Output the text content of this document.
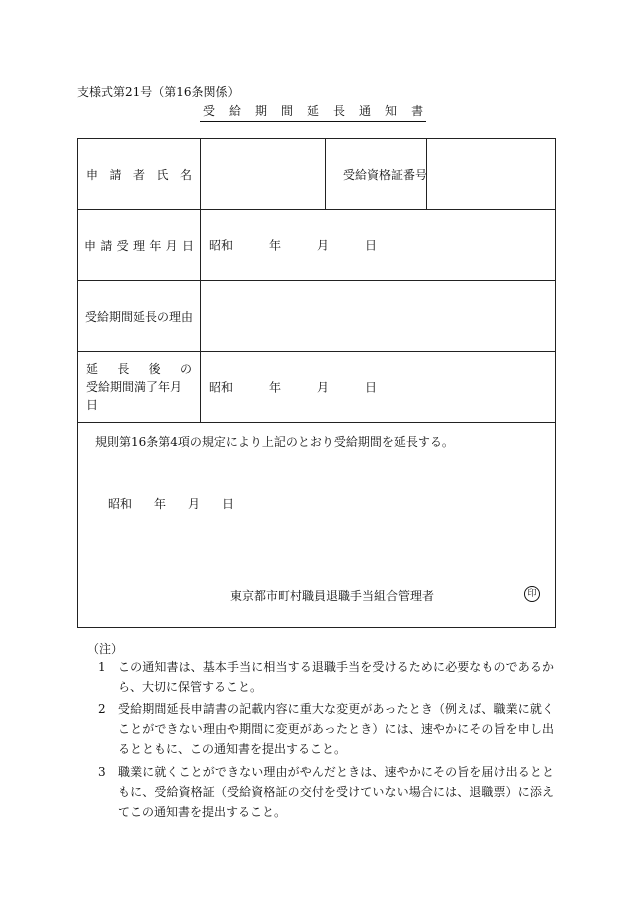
支様式第21号（第16条関係）
受 給 期 間 延 長 通 知 書
申 請 者 氏 名	受給資格証番号
申 請 受 理 年 月 日 昭和	年	月	日
受給期間延長の理由
延 長 後 の
受給期間満了年月日
昭和	年	月	日
規則第16条第4項の規定により上記のとおり受給期間を延長する。
昭和 年 月 日
東京都市町村職員退職手当組合管理者	印
（注）
1 この通知書は、基本手当に相当する退職手当を受けるために必要なものであるから、大切に保管すること。
2 受給期間延長申請書の記載内容に重大な変更があったとき（例えば、職業に就くことができない理由や期間に変更があったとき）には、速やかにその旨を申し出るとともに、この通知書を提出すること。
3 職業に就くことができない理由がやんだときは、速やかにその旨を届け出るとともに、受給資格証（受給資格証の交付を受けていない場合には、退職票）に添えてこの通知書を提出すること。
